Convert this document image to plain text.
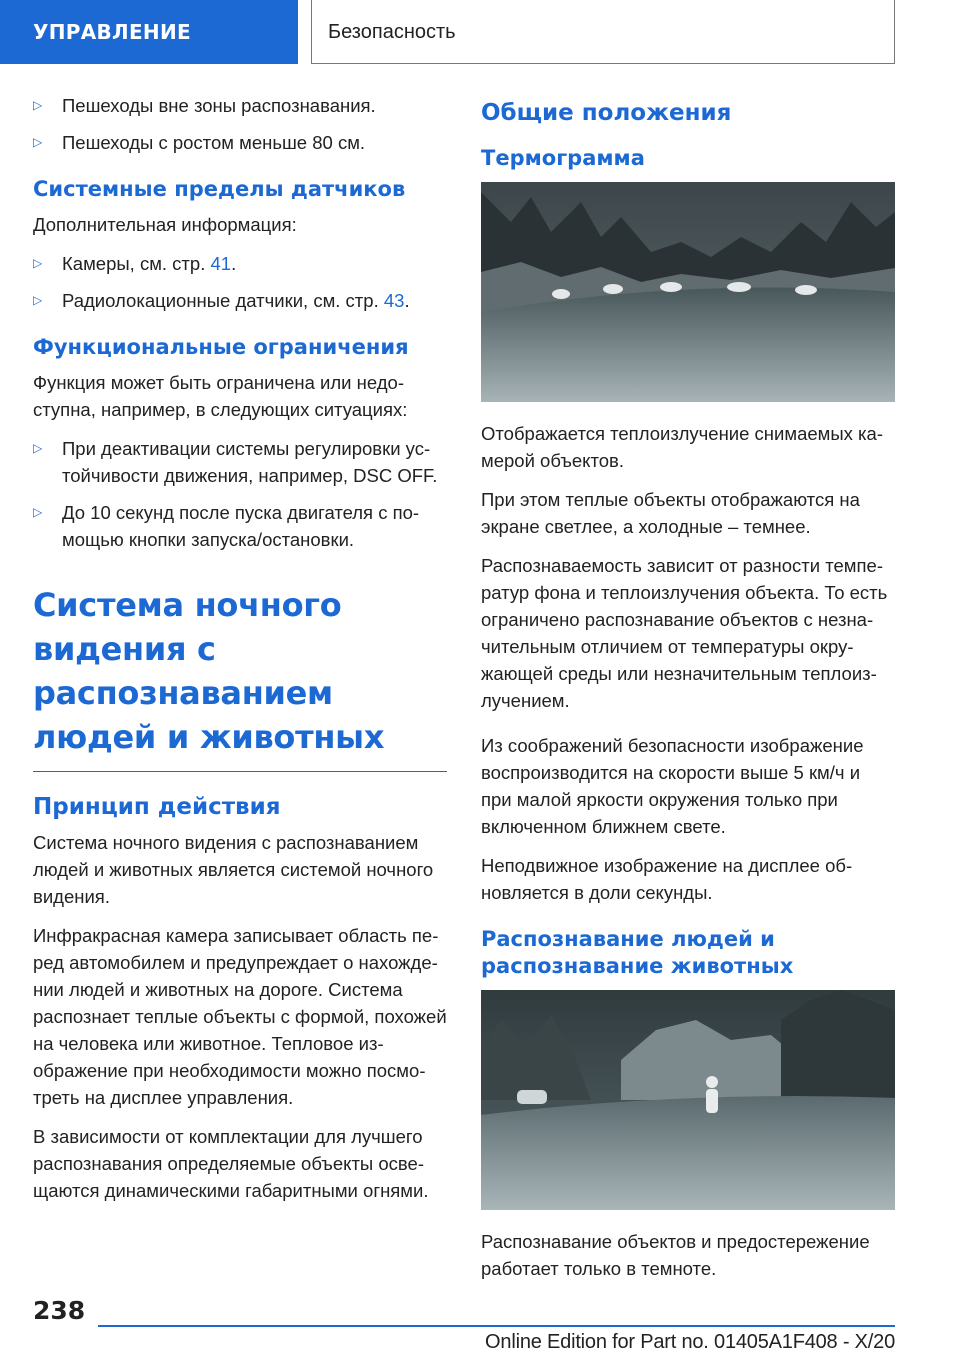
УПРАВЛЕНИЕ	Безопасность
▷ Пешеходы вне зоны распознавания.
▷ Пешеходы с ростом меньше 80 см.
Системные пределы датчиков

Дополнительная информация:

▷ Камеры, см. стр. 41.
▷ Радиолокационные датчики, см. стр. 43.
Функциональные ограничения

Функция может быть ограничена или недоступна, например, в следующих ситуациях:

▷ При деактивации системы регулировки устойчивости движения, например, DSC OFF.
▷ До 10 секунд после пуска двигателя с помощью кнопки запуска/остановки.
Система ночного видения с распознаванием людей и животных
Принцип действия

Система ночного видения с распознаванием людей и животных является системой ночного видения.

Инфракрасная камера записывает область перед автомобилем и предупреждает о нахождении людей и животных на дороге. Система распознает теплые объекты с формой, похожей на человека или животное. Тепловое изображение при необходимости можно посмотреть на дисплее управления.

В зависимости от комплектации для лучшего распознавания определяемые объекты освещаются динамическими габаритными огнями.

Общие положения
Термограмма

Отображается теплоизлучение снимаемых камерой объектов.

При этом теплые объекты отображаются на экране светлее, а холодные – темнее.

Распознаваемость зависит от разности температур фона и теплоизлучения объекта. То есть ограничено распознавание объектов с незначительным отличием от температуры окружающей среды или незначительным теплоизлучением.

Из соображений безопасности изображение воспроизводится на скорости выше 5 км/ч и при малой яркости окружения только при включенном ближнем свете.

Неподвижное изображение на дисплее обновляется в доли секунды.

Распознавание людей и распознавание животных

Распознавание объектов и предостережение работает только в темноте.

238
Online Edition for Part no. 01405A1F408 - X/20
